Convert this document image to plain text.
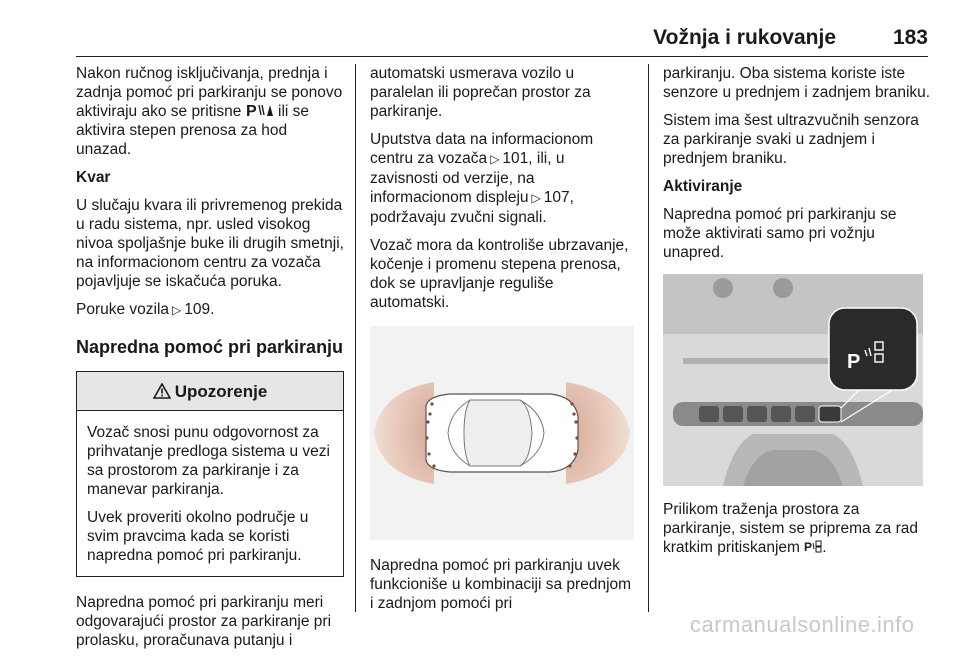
Vožnja i rukovanje	183

Nakon ručnog isključivanja, prednja i zadnja pomoć pri parkiranju se ponovo aktiviraju ako se pritisne P ili se aktivira stepen prenosa za hod unazad.

Kvar

U slučaju kvara ili privremenog prekida u radu sistema, npr. usled visokog nivoa spoljašnje buke ili drugih smetnji, na informacionom centru za vozača pojavljuje se iskačuća poruka.

Poruke vozila ▷ 109.

Napredna pomoć pri parkiranju
Upozorenje

Vozač snosi punu odgovornost za prihvatanje predloga sistema u vezi sa prostorom za parkiranje i za manevar parkiranja.

Uvek proveriti okolno područje u svim pravcima kada se koristi napredna pomoć pri parkiranju.

Napredna pomoć pri parkiranju meri odgovarajući prostor za parkiranje pri prolasku, proračunava putanju i

automatski usmerava vozilo u paralelan ili poprečan prostor za parkiranje.

Uputstva data na informacionom centru za vozača ▷ 101, ili, u zavisnosti od verzije, na informacionom displeju ▷ 107, podržavaju zvučni signali.

Vozač mora da kontroliše ubrzavanje, kočenje i promenu stepena prenosa, dok se upravljanje reguliše automatski.

Napredna pomoć pri parkiranju uvek funkcioniše u kombinaciji sa prednjom i zadnjom pomoći pri

parkiranju. Oba sistema koriste iste senzore u prednjem i zadnjem braniku.

Sistem ima šest ultrazvučnih senzora za parkiranje svaki u zadnjem i prednjem braniku.

Aktiviranje

Napredna pomoć pri parkiranju se može aktivirati samo pri vožnju unapred.

P

Prilikom traženja prostora za parkiranje, sistem se priprema za rad kratkim pritiskanjem P .

carmanualsonline.info
